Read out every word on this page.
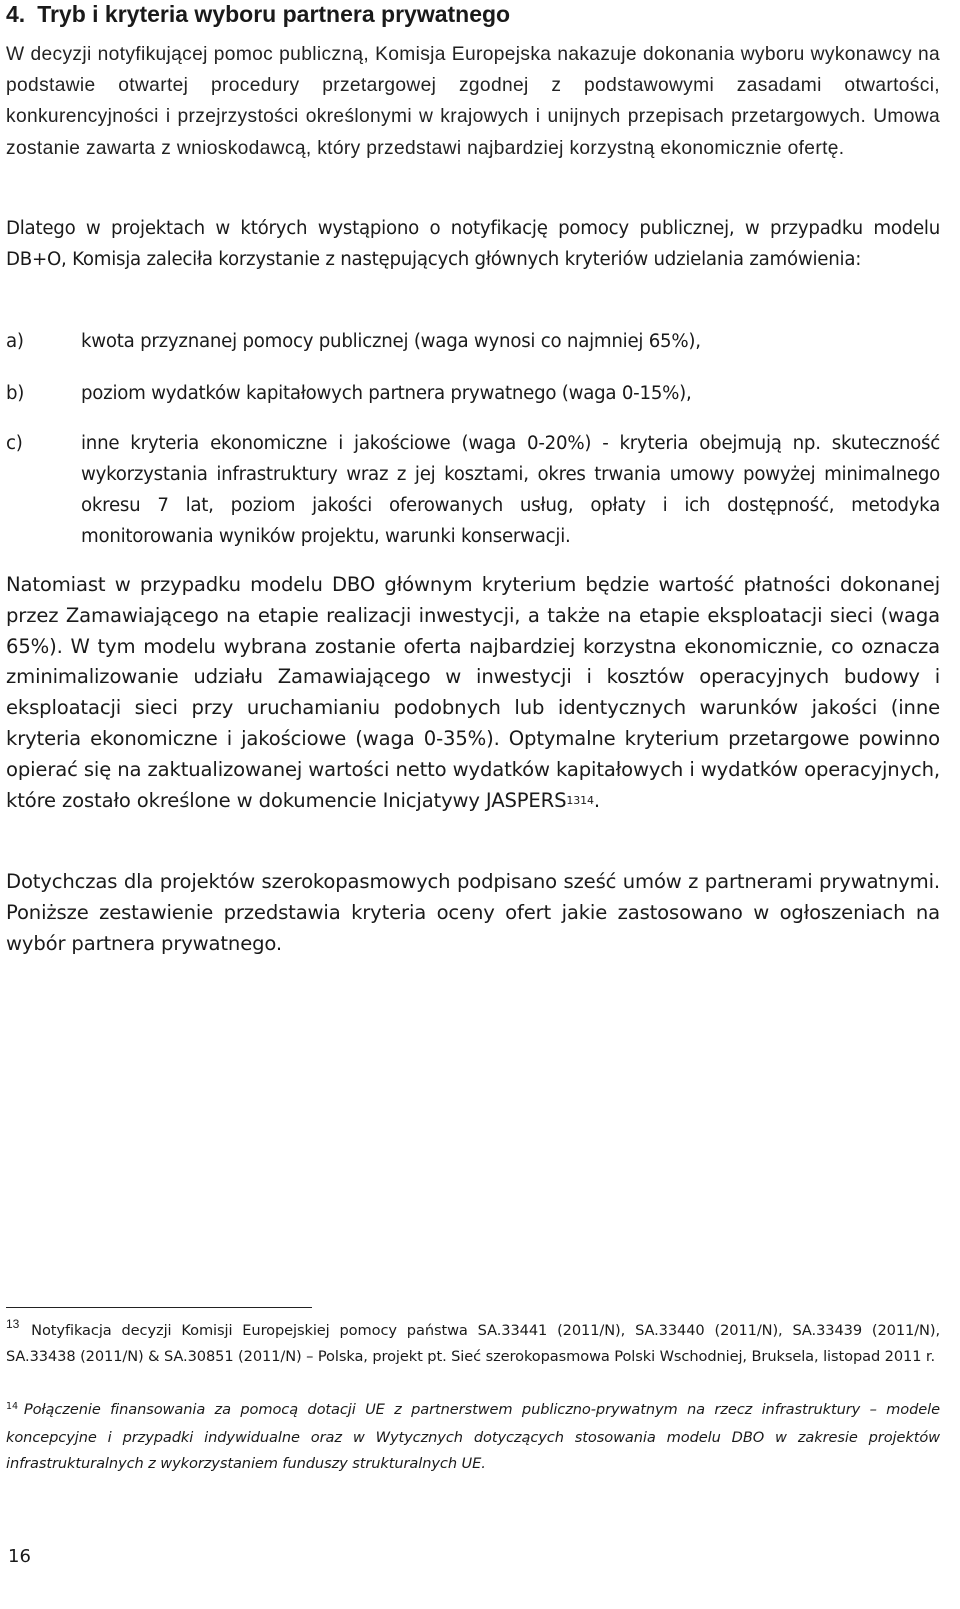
4. Tryb i kryteria wyboru partnera prywatnego

W decyzji notyfikującej pomoc publiczną, Komisja Europejska nakazuje dokonania wyboru wykonawcy na podstawie otwartej procedury przetargowej zgodnej z podstawowymi zasadami otwartości, konkurencyjności i przejrzystości określonymi w krajowych i unijnych przepisach przetargowych. Umowa zostanie zawarta z wnioskodawcą, który przedstawi najbardziej korzystną ekonomicznie ofertę.

Dlatego w projektach w których wystąpiono o notyfikację pomocy publicznej, w przypadku modelu DB+O, Komisja zaleciła korzystanie z następujących głównych kryteriów udzielania zamówienia:

a)	kwota przyznanej pomocy publicznej (waga wynosi co najmniej 65%),
b)	poziom wydatków kapitałowych partnera prywatnego (waga 0-15%),
c)	inne kryteria ekonomiczne i jakościowe (waga 0-20%) - kryteria obejmują np. skuteczność wykorzystania infrastruktury wraz z jej kosztami, okres trwania umowy powyżej minimalnego okresu 7 lat, poziom jakości oferowanych usług, opłaty i ich dostępność, metodyka monitorowania wyników projektu, warunki konserwacji.

Natomiast w przypadku modelu DBO głównym kryterium będzie wartość płatności dokonanej przez Zamawiającego na etapie realizacji inwestycji, a także na etapie eksploatacji sieci (waga 65%). W tym modelu wybrana zostanie oferta najbardziej korzystna ekonomicznie, co oznacza zminimalizowanie udziału Zamawiającego w inwestycji i kosztów operacyjnych budowy i eksploatacji sieci przy uruchamianiu podobnych lub identycznych warunków jakości (inne kryteria ekonomiczne i jakościowe (waga 0-35%). Optymalne kryterium przetargowe powinno opierać się na zaktualizowanej wartości netto wydatków kapitałowych i wydatków operacyjnych, które zostało określone w dokumencie Inicjatywy $JASPERS^{1314}$.

Dotychczas dla projektów szerokopasmowych podpisano sześć umów z partnerami prywatnymi. Poniższe zestawienie przedstawia kryteria oceny ofert jakie zastosowano w ogłoszeniach na wybór partnera prywatnego.

$^{13}$ Notyfikacja decyzji Komisji Europejskiej pomocy państwa SA.33441 (2011/N), SA.33440 (2011/N), SA.33439 (2011/N), SA.33438 (2011/N) & SA.30851 (2011/N) – Polska, projekt pt. Sieć szerokopasmowa Polski Wschodniej, Bruksela, listopad 2011 r.
$^{14}$ Połączenie finansowania za pomocą dotacji UE z partnerstwem publiczno-prywatnym na rzecz infrastruktury – modele koncepcyjne i przypadki indywidualne oraz w Wytycznych dotyczących stosowania modelu DBO w zakresie projektów infrastrukturalnych z wykorzystaniem funduszy strukturalnych UE.
16
